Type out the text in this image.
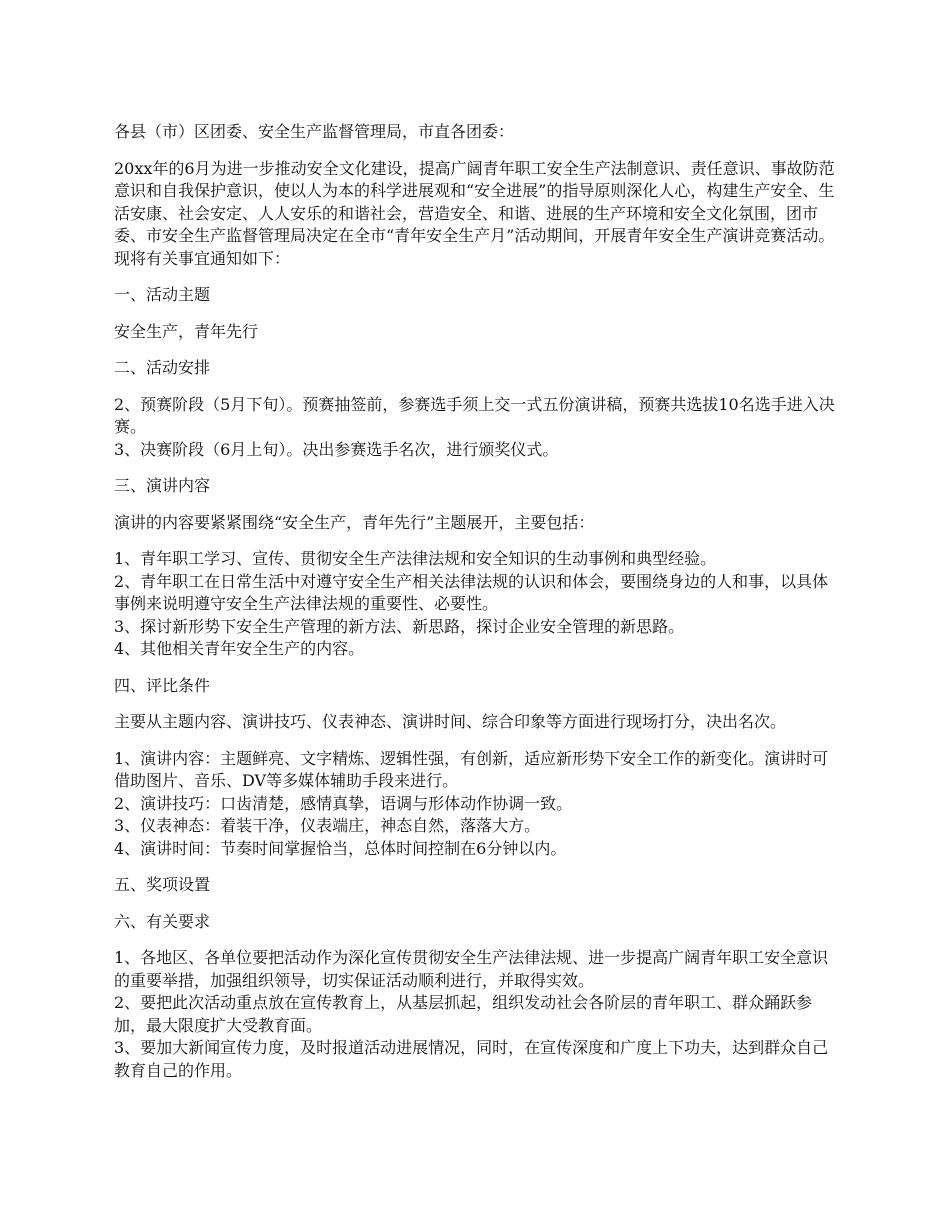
各县（市）区团委、安全生产监督管理局，市直各团委：

20xx年的6月为进一步推动安全文化建设，提高广阔青年职工安全生产法制意识、责任意识、事故防范意识和自我保护意识，使以人为本的科学进展观和“安全进展”的指导原则深化人心，构建生产安全、生活安康、社会安定、人人安乐的和谐社会，营造安全、和谐、进展的生产环境和安全文化氛围，团市委、市安全生产监督管理局决定在全市“青年安全生产月”活动期间，开展青年安全生产演讲竞赛活动。现将有关事宜通知如下：

一、活动主题

安全生产，青年先行

二、活动安排

2、预赛阶段（5月下旬）。预赛抽签前，参赛选手须上交一式五份演讲稿，预赛共选拔10名选手进入决赛。

3、决赛阶段（6月上旬）。决出参赛选手名次，进行颁奖仪式。

三、演讲内容

演讲的内容要紧紧围绕“安全生产，青年先行”主题展开，主要包括：

1、青年职工学习、宣传、贯彻安全生产法律法规和安全知识的生动事例和典型经验。

2、青年职工在日常生活中对遵守安全生产相关法律法规的认识和体会，要围绕身边的人和事，以具体事例来说明遵守安全生产法律法规的重要性、必要性。

3、探讨新形势下安全生产管理的新方法、新思路，探讨企业安全管理的新思路。

4、其他相关青年安全生产的内容。

四、评比条件

主要从主题内容、演讲技巧、仪表神态、演讲时间、综合印象等方面进行现场打分，决出名次。

1、演讲内容：主题鲜亮、文字精炼、逻辑性强，有创新，适应新形势下安全工作的新变化。演讲时可借助图片、音乐、DV等多媒体辅助手段来进行。

2、演讲技巧：口齿清楚，感情真挚，语调与形体动作协调一致。

3、仪表神态：着装干净，仪表端庄，神态自然，落落大方。

4、演讲时间：节奏时间掌握恰当，总体时间控制在6分钟以内。

五、奖项设置

六、有关要求

1、各地区、各单位要把活动作为深化宣传贯彻安全生产法律法规、进一步提高广阔青年职工安全意识的重要举措，加强组织领导，切实保证活动顺利进行，并取得实效。

2、要把此次活动重点放在宣传教育上，从基层抓起，组织发动社会各阶层的青年职工、群众踊跃参加，最大限度扩大受教育面。

3、要加大新闻宣传力度，及时报道活动进展情况，同时，在宣传深度和广度上下功夫，达到群众自己教育自己的作用。
